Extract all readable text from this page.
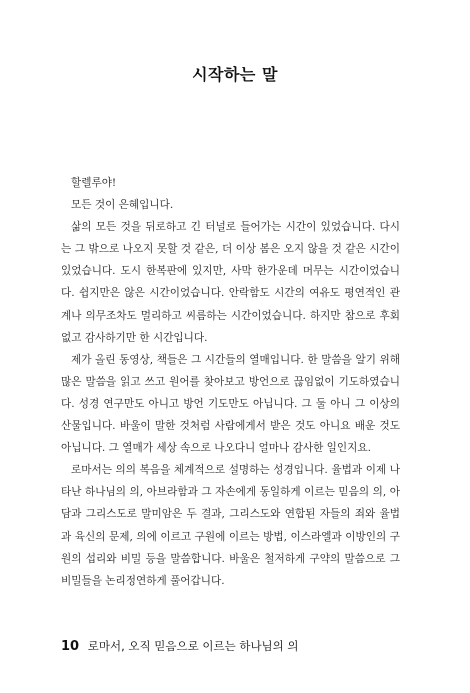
시작하는 말

할렐루야!

모든 것이 은혜입니다.

삶의 모든 것을 뒤로하고 긴 터널로 들어가는 시간이 있었습니다. 다시는 그 밖으로 나오지 못할 것 같은, 더 이상 봄은 오지 않을 것 같은 시간이 있었습니다. 도시 한복판에 있지만, 사막 한가운데 머무는 시간이었습니다. 쉽지만은 않은 시간이었습니다. 안락함도 시간의 여유도 평연적인 관계나 의무조차도 멀리하고 씨름하는 시간이었습니다. 하지만 참으로 후회 없고 감사하기만 한 시간입니다.

제가 올린 동영상, 책들은 그 시간들의 열매입니다. 한 말씀을 알기 위해 많은 말씀을 읽고 쓰고 원어를 찾아보고 방언으로 끊임없이 기도하였습니다. 성경 연구만도 아니고 방언 기도만도 아닙니다. 그 둘 아니 그 이상의 산물입니다. 바울이 말한 것처럼 사람에게서 받은 것도 아니요 배운 것도 아닙니다. 그 열매가 세상 속으로 나오다니 얼마나 감사한 일인지요.

로마서는 의의 복음을 체계적으로 설명하는 성경입니다. 율법과 이제 나타난 하나님의 의, 아브라함과 그 자손에게 동일하게 이르는 믿음의 의, 아담과 그리스도로 말미암은 두 결과, 그리스도와 연합된 자들의 죄와 율법과 육신의 문제, 의에 이르고 구원에 이르는 방법, 이스라엘과 이방인의 구원의 섭리와 비밀 등을 말씀합니다. 바울은 철저하게 구약의 말씀으로 그 비밀들을 논리정연하게 풀어갑니다.

10 로마서, 오직 믿음으로 이르는 하나님의 의
